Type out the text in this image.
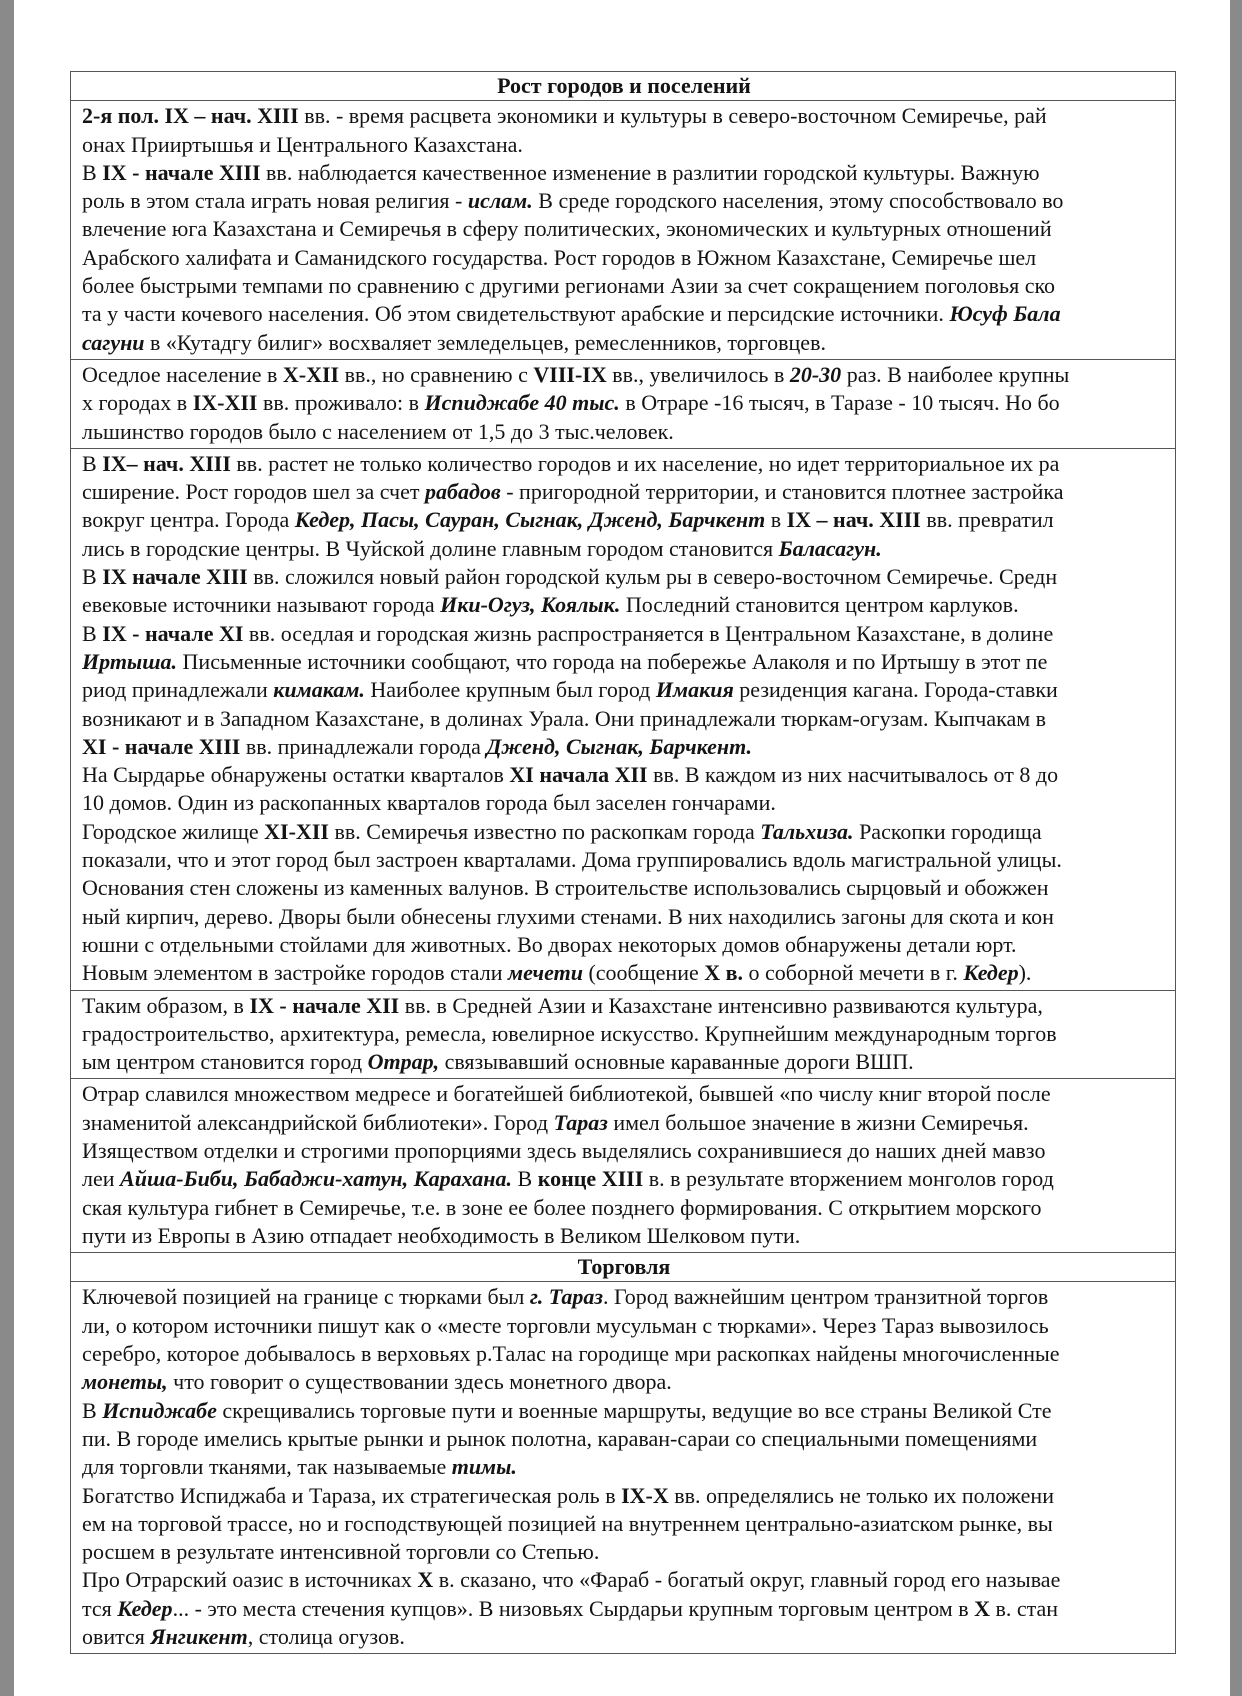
Рост городов и поселений

2-я пол. IX – нач. XIII вв. - время расцвета экономики и культуры в северо-восточном Семиречье, рай
онах Прииртышья и Центрального Казахстана.
В IX - начале XIII вв. наблюдается качественное изменение в разлитии городской культуры. Важную
роль в этом стала играть новая религия - ислам. В среде городского населения, этому способствовало во
влечение юга Казахстана и Семиречья в сферу политических, экономических и культурных отношений
Арабского халифата и Саманидского государства. Рост городов в Южном Казахстане, Семиречье шел
более быстрыми темпами по сравнению с другими регионами Азии за счет сокращением поголовья ско
та у части кочевого населения. Об этом свидетельствуют арабские и персидские источники. Юсуф Бала
сагуни в «Кутадгу билиг» восхваляет земледельцев, ремесленников, торговцев.

Оседлое население в X-XII вв., но сравнению с VIII-IX вв., увеличилось в 20-30 раз. В наиболее крупны
х городах в IX-XII вв. проживало: в Испиджабе 40 тыс. в Отраре -16 тысяч, в Таразе - 10 тысяч. Но бо
льшинство городов было с населением от 1,5 до 3 тыс.человек.

В IX– нач. XIII вв. растет не только количество городов и их население, но идет территориальное их ра
сширение. Рост городов шел за счет рабадов - пригородной территории, и становится плотнее застройка
вокруг центра. Города Кедер, Пасы, Сауран, Сыгнак, Дженд, Барчкент в IX – нач. XIII вв. превратил
лись в городские центры. В Чуйской долине главным городом становится Баласагун.
В IX начале XIII вв. сложился новый район городской кульм ры в северо-восточном Семиречье. Средн
евековые источники называют города Ики-Огуз, Коялык. Последний становится центром карлуков.
В IX - начале XI вв. оседлая и городская жизнь распространяется в Центральном Казахстане, в долине
Иртыша. Письменные источники сообщают, что города на побережье Алаколя и по Иртышу в этот пе
риод принадлежали кимакам. Наиболее крупным был город Имакия резиденция кагана. Города-ставки
возникают и в Западном Казахстане, в долинах Урала. Они принадлежали тюркам-огузам. Кыпчакам в
XI - начале XIII вв. принадлежали города Дженд, Сыгнак, Барчкент.
На Сырдарье обнаружены остатки кварталов XI начала XII вв. В каждом из них насчитывалось от 8 до
10 домов. Один из раскопанных кварталов города был заселен гончарами.
Городское жилище XI-XII вв. Семиречья известно по раскопкам города Тальхиза. Раскопки городища
показали, что и этот город был застроен кварталами. Дома группировались вдоль магистральной улицы.
Основания стен сложены из каменных валунов. В строительстве использовались сырцовый и обожжен
ный кирпич, дерево. Дворы были обнесены глухими стенами. В них находились загоны для скота и кон
юшни с отдельными стойлами для животных. Во дворах некоторых домов обнаружены детали юрт.
Новым элементом в застройке городов стали мечети (сообщение X в. о соборной мечети в г. Кедер).

Таким образом, в IX - начале XII вв. в Средней Азии и Казахстане интенсивно развиваются культура,
градостроительство, архитектура, ремесла, ювелирное искусство. Крупнейшим международным торгов
ым центром становится город Отрар, связывавший основные караванные дороги ВШП.

Отрар славился множеством медресе и богатейшей библиотекой, бывшей «по числу книг второй после
знаменитой александрийской библиотеки». Город Тараз имел большое значение в жизни Семиречья.
Изяществом отделки и строгими пропорциями здесь выделялись сохранившиеся до наших дней мавзо
леи Айша-Биби, Бабаджи-хатун, Карахана. В конце XIII в. в результате вторжением монголов город
ская культура гибнет в Семиречье, т.е. в зоне ее более позднего формирования. С открытием морского
пути из Европы в Азию отпадает необходимость в Великом Шелковом пути.

Торговля

Ключевой позицией на границе с тюрками был г. Тараз. Город важнейшим центром транзитной торгов
ли, о котором источники пишут как о «месте торговли мусульман с тюрками». Через Тараз вывозилось
серебро, которое добывалось в верховьях р.Талас на городище мри раскопках найдены многочисленные
монеты, что говорит о существовании здесь монетного двора.
В Испиджабе скрещивались торговые пути и военные маршруты, ведущие во все страны Великой Сте
пи. В городе имелись крытые рынки и рынок полотна, караван-сараи со специальными помещениями
для торговли тканями, так называемые тимы.
Богатство Испиджаба и Тараза, их стратегическая роль в IX-X вв. определялись не только их положени
ем на торговой трассе, но и господствующей позицией на внутреннем центрально-азиатском рынке, вы
росшем в результате интенсивной торговли со Степью.
Про Отрарский оазис в источниках X в. сказано, что «Фараб - богатый округ, главный город его называе
тся Кедер... - это места стечения купцов». В низовьях Сырдарьи крупным торговым центром в X в. стан
овится Янгикент, столица огузов.
